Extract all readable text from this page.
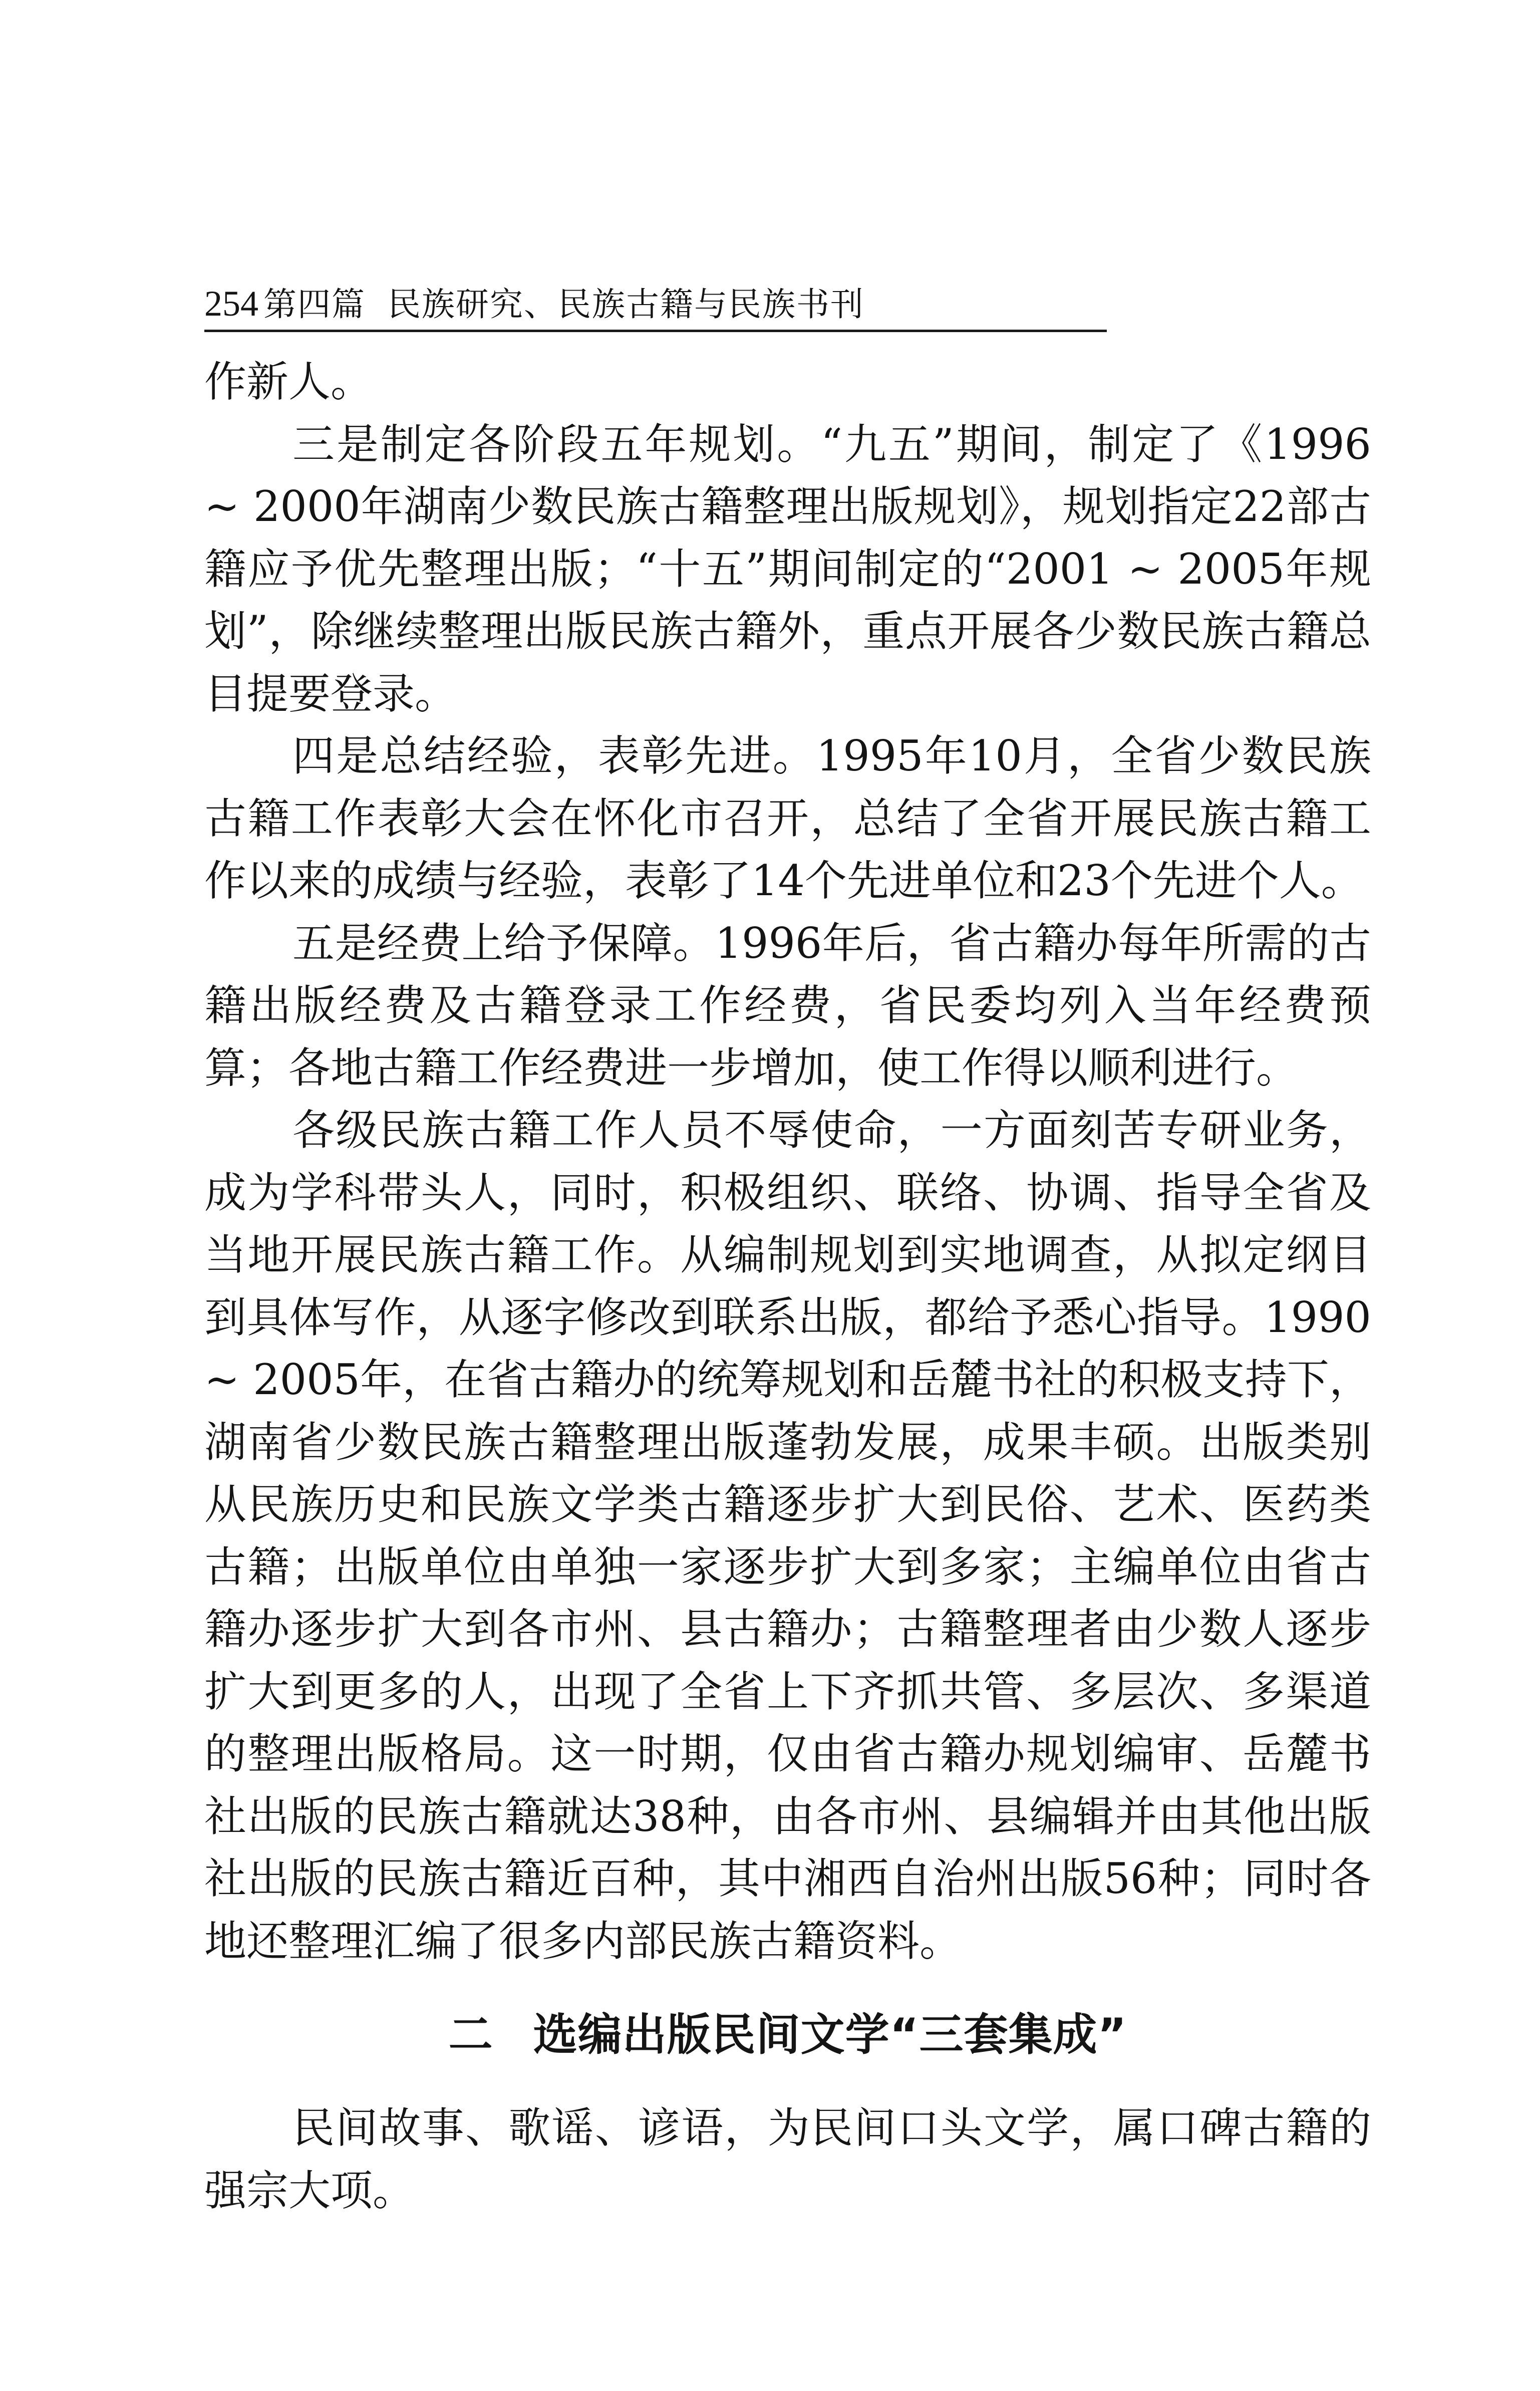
254 第四篇 民族研究、民族古籍与民族书刊

作新人。

三是制定各阶段五年规划。“九五”期间，制定了《1996 ~ 2000年湖南少数民族古籍整理出版规划》，规划指定22部古籍应予优先整理出版；“十五”期间制定的“2001 ~ 2005年规划”，除继续整理出版民族古籍外，重点开展各少数民族古籍总目提要登录。

四是总结经验，表彰先进。1995年10月，全省少数民族古籍工作表彰大会在怀化市召开，总结了全省开展民族古籍工作以来的成绩与经验，表彰了14个先进单位和23个先进个人。

五是经费上给予保障。1996年后，省古籍办每年所需的古籍出版经费及古籍登录工作经费，省民委均列入当年经费预算；各地古籍工作经费进一步增加，使工作得以顺利进行。

各级民族古籍工作人员不辱使命，一方面刻苦专研业务，成为学科带头人，同时，积极组织、联络、协调、指导全省及当地开展民族古籍工作。从编制规划到实地调查，从拟定纲目到具体写作，从逐字修改到联系出版，都给予悉心指导。1990 ~ 2005年，在省古籍办的统筹规划和岳麓书社的积极支持下，湖南省少数民族古籍整理出版蓬勃发展，成果丰硕。出版类别从民族历史和民族文学类古籍逐步扩大到民俗、艺术、医药类古籍；出版单位由单独一家逐步扩大到多家；主编单位由省古籍办逐步扩大到各市州、县古籍办；古籍整理者由少数人逐步扩大到更多的人，出现了全省上下齐抓共管、多层次、多渠道的整理出版格局。这一时期，仅由省古籍办规划编审、岳麓书社出版的民族古籍就达38种，由各市州、县编辑并由其他出版社出版的民族古籍近百种，其中湘西自治州出版56种；同时各地还整理汇编了很多内部民族古籍资料。

二 选编出版民间文学“三套集成”

民间故事、歌谣、谚语，为民间口头文学，属口碑古籍的强宗大项。
